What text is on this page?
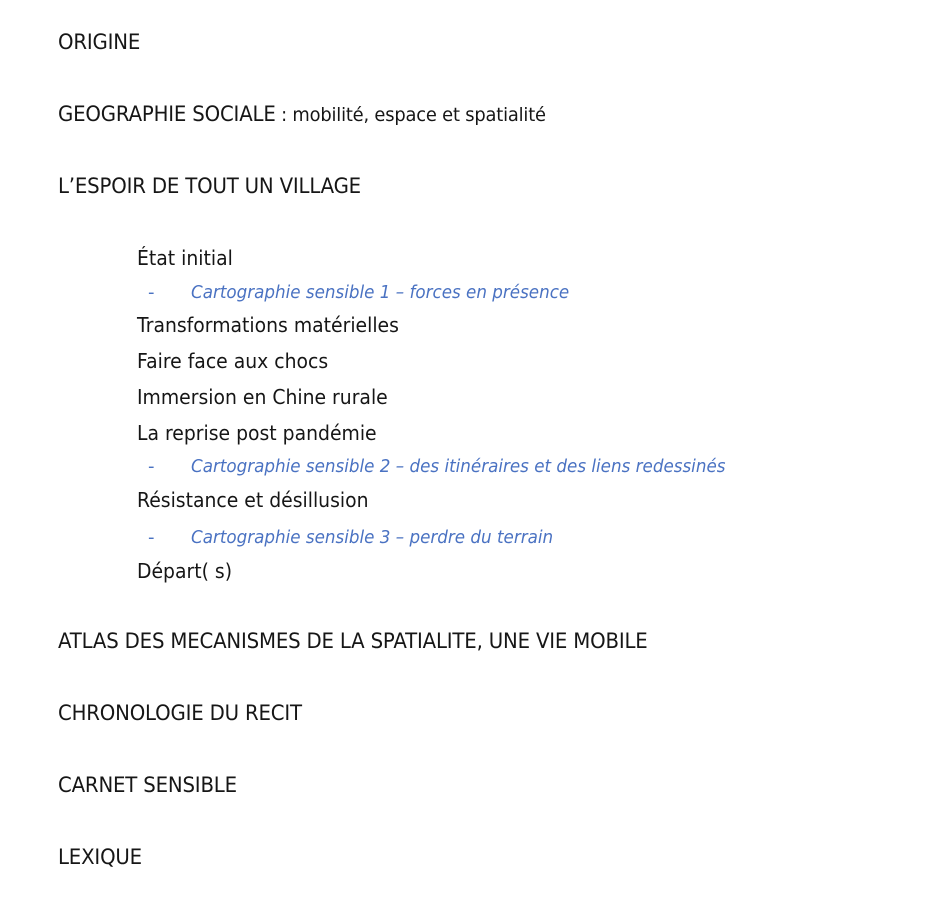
ORIGINE
GEOGRAPHIE SOCIALE : mobilité, espace et spatialité
L’ESPOIR DE TOUT UN VILLAGE
État initial
- Cartographie sensible 1 – forces en présence
Transformations matérielles
Faire face aux chocs
Immersion en Chine rurale
La reprise post pandémie
- Cartographie sensible 2 – des itinéraires et des liens redessinés
Résistance et désillusion
- Cartographie sensible 3 – perdre du terrain
Départ( s)
ATLAS DES MECANISMES DE LA SPATIALITE, UNE VIE MOBILE
CHRONOLOGIE DU RECIT
CARNET SENSIBLE
LEXIQUE
